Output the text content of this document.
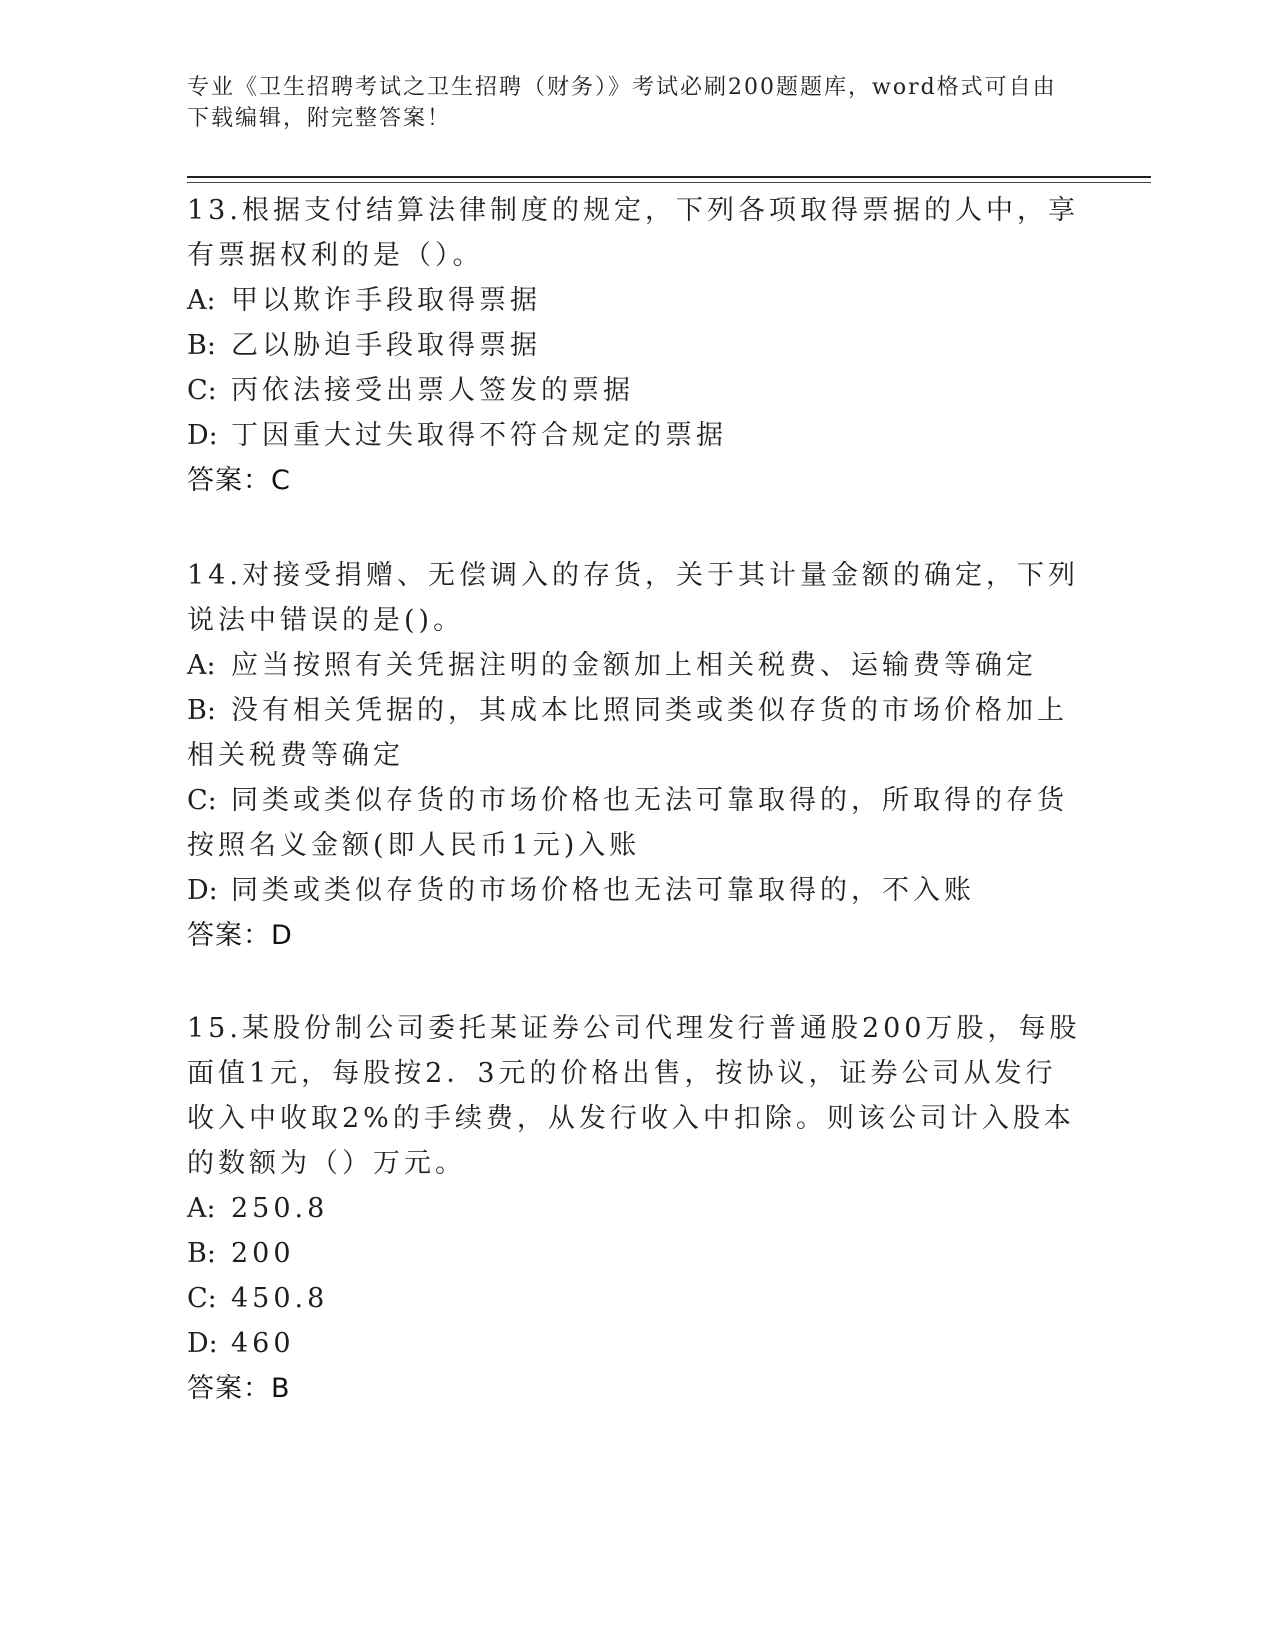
专业《卫生招聘考试之卫生招聘（财务）》考试必刷200题题库，word格式可自由下载编辑，附完整答案！

13.根据支付结算法律制度的规定，下列各项取得票据的人中，享有票据权利的是（）。

A: 甲以欺诈手段取得票据

B: 乙以胁迫手段取得票据

C: 丙依法接受出票人签发的票据

D: 丁因重大过失取得不符合规定的票据

答案：C

14.对接受捐赠、无偿调入的存货，关于其计量金额的确定，下列说法中错误的是()。

A: 应当按照有关凭据注明的金额加上相关税费、运输费等确定

B: 没有相关凭据的，其成本比照同类或类似存货的市场价格加上相关税费等确定

C: 同类或类似存货的市场价格也无法可靠取得的，所取得的存货按照名义金额(即人民币1元)入账

D: 同类或类似存货的市场价格也无法可靠取得的，不入账

答案：D

15.某股份制公司委托某证券公司代理发行普通股200万股，每股面值1元，每股按2．3元的价格出售，按协议，证券公司从发行收入中收取2%的手续费，从发行收入中扣除。则该公司计入股本的数额为（）万元。

A: 250.8

B: 200

C: 450.8

D: 460

答案：B
